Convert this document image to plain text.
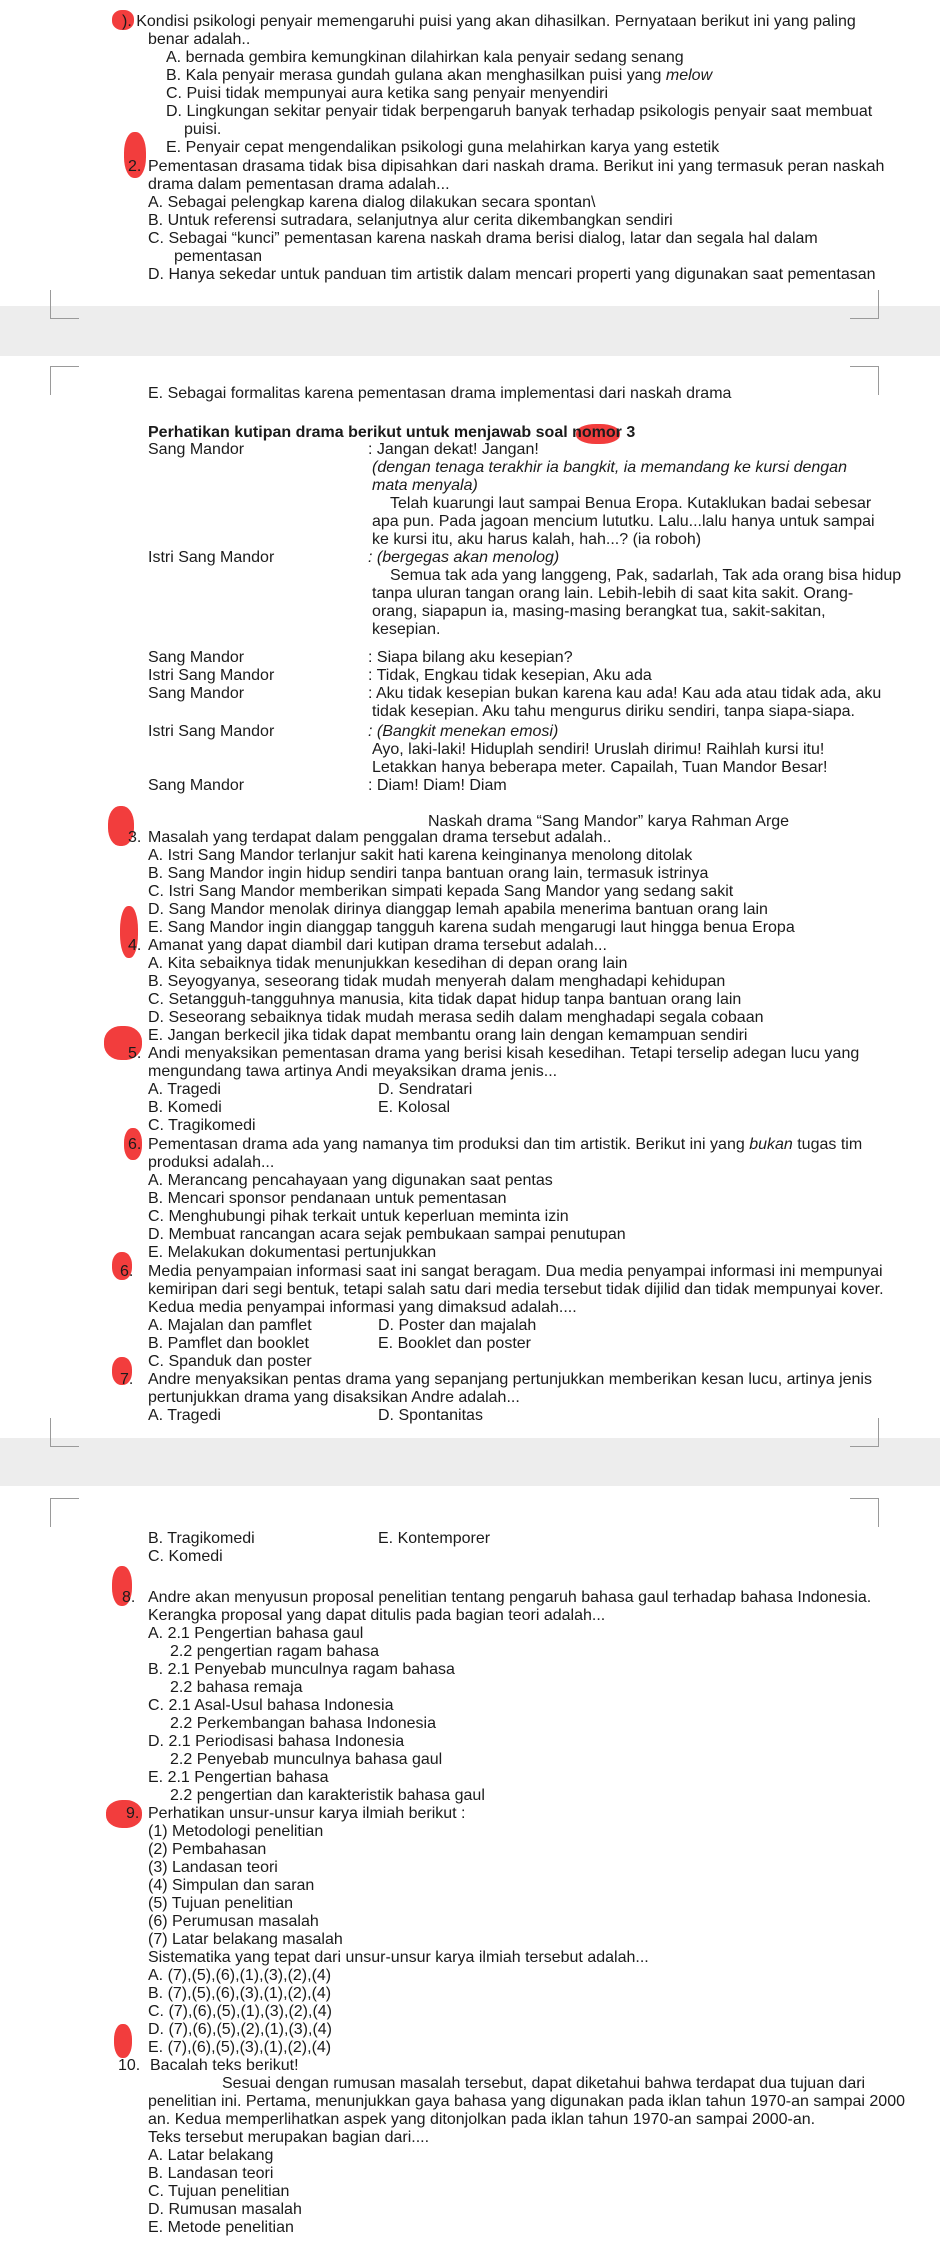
). Kondisi psikologi penyair memengaruhi puisi yang akan dihasilkan. Pernyataan berikut ini yang paling
benar adalah..
A. bernada gembira kemungkinan dilahirkan kala penyair sedang senang
B. Kala penyair merasa gundah gulana akan menghasilkan puisi yang melow
C. Puisi tidak mempunyai aura ketika sang penyair menyendiri
D. Lingkungan sekitar penyair tidak berpengaruh banyak terhadap psikologis penyair saat membuat
puisi.
E. Penyair cepat mengendalikan psikologi guna melahirkan karya yang estetik
2. Pementasan drasama tidak bisa dipisahkan dari naskah drama. Berikut ini yang termasuk peran naskah
drama dalam pementasan drama adalah...
A. Sebagai pelengkap karena dialog dilakukan secara spontan\
B. Untuk referensi sutradara, selanjutnya alur cerita dikembangkan sendiri
C. Sebagai “kunci” pementasan karena naskah drama berisi dialog, latar dan segala hal dalam
pementasan
D. Hanya sekedar untuk panduan tim artistik dalam mencari properti yang digunakan saat pementasan
E. Sebagai formalitas karena pementasan drama implementasi dari naskah drama
Perhatikan kutipan drama berikut untuk menjawab soal nomor 3
Sang Mandor	: Jangan dekat! Jangan!
(dengan tenaga terakhir ia bangkit, ia memandang ke kursi dengan
mata menyala)
Telah kuarungi laut sampai Benua Eropa. Kutaklukan badai sebesar
apa pun. Pada jagoan mencium lututku. Lalu...lalu hanya untuk sampai
ke kursi itu, aku harus kalah, hah...? (ia roboh)
Istri Sang Mandor	: (bergegas akan menolog)
Semua tak ada yang langgeng, Pak, sadarlah, Tak ada orang bisa hidup
tanpa uluran tangan orang lain. Lebih-lebih di saat kita sakit. Orang-
orang, siapapun ia, masing-masing berangkat tua, sakit-sakitan,
kesepian.
Sang Mandor	: Siapa bilang aku kesepian?
Istri Sang Mandor	: Tidak, Engkau tidak kesepian, Aku ada
Sang Mandor	: Aku tidak kesepian bukan karena kau ada! Kau ada atau tidak ada, aku
tidak kesepian. Aku tahu mengurus diriku sendiri, tanpa siapa-siapa.
Istri Sang Mandor	: (Bangkit menekan emosi)
Ayo, laki-laki! Hiduplah sendiri! Uruslah dirimu! Raihlah kursi itu!
Letakkan hanya beberapa meter. Capailah, Tuan Mandor Besar!
Sang Mandor	: Diam! Diam! Diam
Naskah drama “Sang Mandor” karya Rahman Arge
3. Masalah yang terdapat dalam penggalan drama tersebut adalah..
A. Istri Sang Mandor terlanjur sakit hati karena keinginanya menolong ditolak
B. Sang Mandor ingin hidup sendiri tanpa bantuan orang lain, termasuk istrinya
C. Istri Sang Mandor memberikan simpati kepada Sang Mandor yang sedang sakit
D. Sang Mandor menolak dirinya dianggap lemah apabila menerima bantuan orang lain
E. Sang Mandor ingin dianggap tangguh karena sudah mengarugi laut hingga benua Eropa
4. Amanat yang dapat diambil dari kutipan drama tersebut adalah...
A. Kita sebaiknya tidak menunjukkan kesedihan di depan orang lain
B. Seyogyanya, seseorang tidak mudah menyerah dalam menghadapi kehidupan
C. Setangguh-tangguhnya manusia, kita tidak dapat hidup tanpa bantuan orang lain
D. Seseorang sebaiknya tidak mudah merasa sedih dalam menghadapi segala cobaan
E. Jangan berkecil jika tidak dapat membantu orang lain dengan kemampuan sendiri
5. Andi menyaksikan pementasan drama yang berisi kisah kesedihan. Tetapi terselip adegan lucu yang
mengundang tawa artinya Andi meyaksikan drama jenis...
A. Tragedi	D. Sendratari
B. Komedi	E. Kolosal
C. Tragikomedi
6. Pementasan drama ada yang namanya tim produksi dan tim artistik. Berikut ini yang bukan tugas tim
produksi adalah...
A. Merancang pencahayaan yang digunakan saat pentas
B. Mencari sponsor pendanaan untuk pementasan
C. Menghubungi pihak terkait untuk keperluan meminta izin
D. Membuat rancangan acara sejak pembukaan sampai penutupan
E. Melakukan dokumentasi pertunjukkan
6. Media penyampaian informasi saat ini sangat beragam. Dua media penyampai informasi ini mempunyai
kemiripan dari segi bentuk, tetapi salah satu dari media tersebut tidak dijilid dan tidak mempunyai kover.
Kedua media penyampai informasi yang dimaksud adalah....
A. Majalan dan pamflet	D. Poster dan majalah
B. Pamflet dan booklet	E. Booklet dan poster
C. Spanduk dan poster
7. Andre menyaksikan pentas drama yang sepanjang pertunjukkan memberikan kesan lucu, artinya jenis
pertunjukkan drama yang disaksikan Andre adalah...
A. Tragedi	D. Spontanitas
B. Tragikomedi	E. Kontemporer
C. Komedi
8. Andre akan menyusun proposal penelitian tentang pengaruh bahasa gaul terhadap bahasa Indonesia.
Kerangka proposal yang dapat ditulis pada bagian teori adalah...
A. 2.1 Pengertian bahasa gaul
2.2 pengertian ragam bahasa
B. 2.1 Penyebab munculnya ragam bahasa
2.2 bahasa remaja
C. 2.1 Asal-Usul bahasa Indonesia
2.2 Perkembangan bahasa Indonesia
D. 2.1 Periodisasi bahasa Indonesia
2.2 Penyebab munculnya bahasa gaul
E. 2.1 Pengertian bahasa
2.2 pengertian dan karakteristik bahasa gaul
9. Perhatikan unsur-unsur karya ilmiah berikut :
(1) Metodologi penelitian
(2) Pembahasan
(3) Landasan teori
(4) Simpulan dan saran
(5) Tujuan penelitian
(6) Perumusan masalah
(7) Latar belakang masalah
Sistematika yang tepat dari unsur-unsur karya ilmiah tersebut adalah...
A. (7),(5),(6),(1),(3),(2),(4)
B. (7),(5),(6),(3),(1),(2),(4)
C. (7),(6),(5),(1),(3),(2),(4)
D. (7),(6),(5),(2),(1),(3),(4)
E. (7),(6),(5),(3),(1),(2),(4)
10. Bacalah teks berikut!
Sesuai dengan rumusan masalah tersebut, dapat diketahui bahwa terdapat dua tujuan dari
penelitian ini. Pertama, menunjukkan gaya bahasa yang digunakan pada iklan tahun 1970-an sampai 2000
an. Kedua memperlihatkan aspek yang ditonjolkan pada iklan tahun 1970-an sampai 2000-an.
Teks tersebut merupakan bagian dari....
A. Latar belakang
B. Landasan teori
C. Tujuan penelitian
D. Rumusan masalah
E. Metode penelitian
